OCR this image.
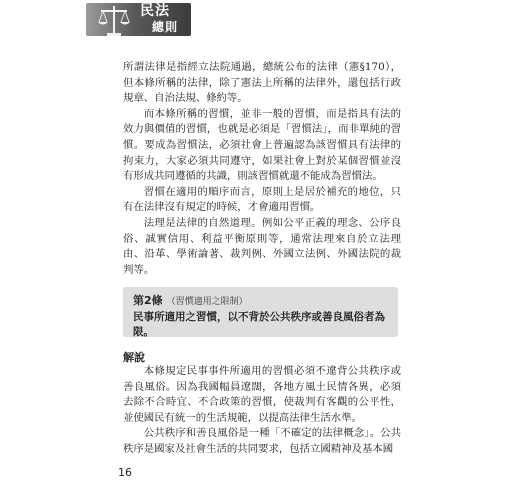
民法
總則

所謂法律是指經立法院通過，總統公布的法律（憲§170），但本條所稱的法律，除了憲法上所稱的法律外，還包括行政規章、自治法規、條約等。

而本條所稱的習慣，並非一般的習慣，而是指具有法的效力與價值的習慣，也就是必須是「習慣法」，而非單純的習慣。要成為習慣法，必須社會上普遍認為該習慣具有法律的拘束力，大家必須共同遵守，如果社會上對於某個習慣並沒有形成共同遵循的共識，則該習慣就還不能成為習慣法。

習慣在適用的順序而言，原則上是居於補充的地位，只有在法律沒有規定的時候，才會適用習慣。

法理是法律的自然道理。例如公平正義的理念、公序良俗、誠實信用、利益平衡原則等，通常法理來自於立法理由、沿革、學術論著、裁判例、外國立法例、外國法院的裁判等。

第2條 （習慣適用之限制）
民事所適用之習慣，以不背於公共秩序或善良風俗者為限。
解說

本條規定民事事件所適用的習慣必須不違背公共秩序或善良風俗。因為我國幅員遼闊，各地方風土民情各異，必須去除不合時宜、不合政策的習慣，使裁判有客觀的公平性，並使國民有統一的生活規範，以提高法律生活水準。

公共秩序和善良風俗是一種「不確定的法律概念」。公共秩序是國家及社會生活的共同要求，包括立國精神及基本國

16
